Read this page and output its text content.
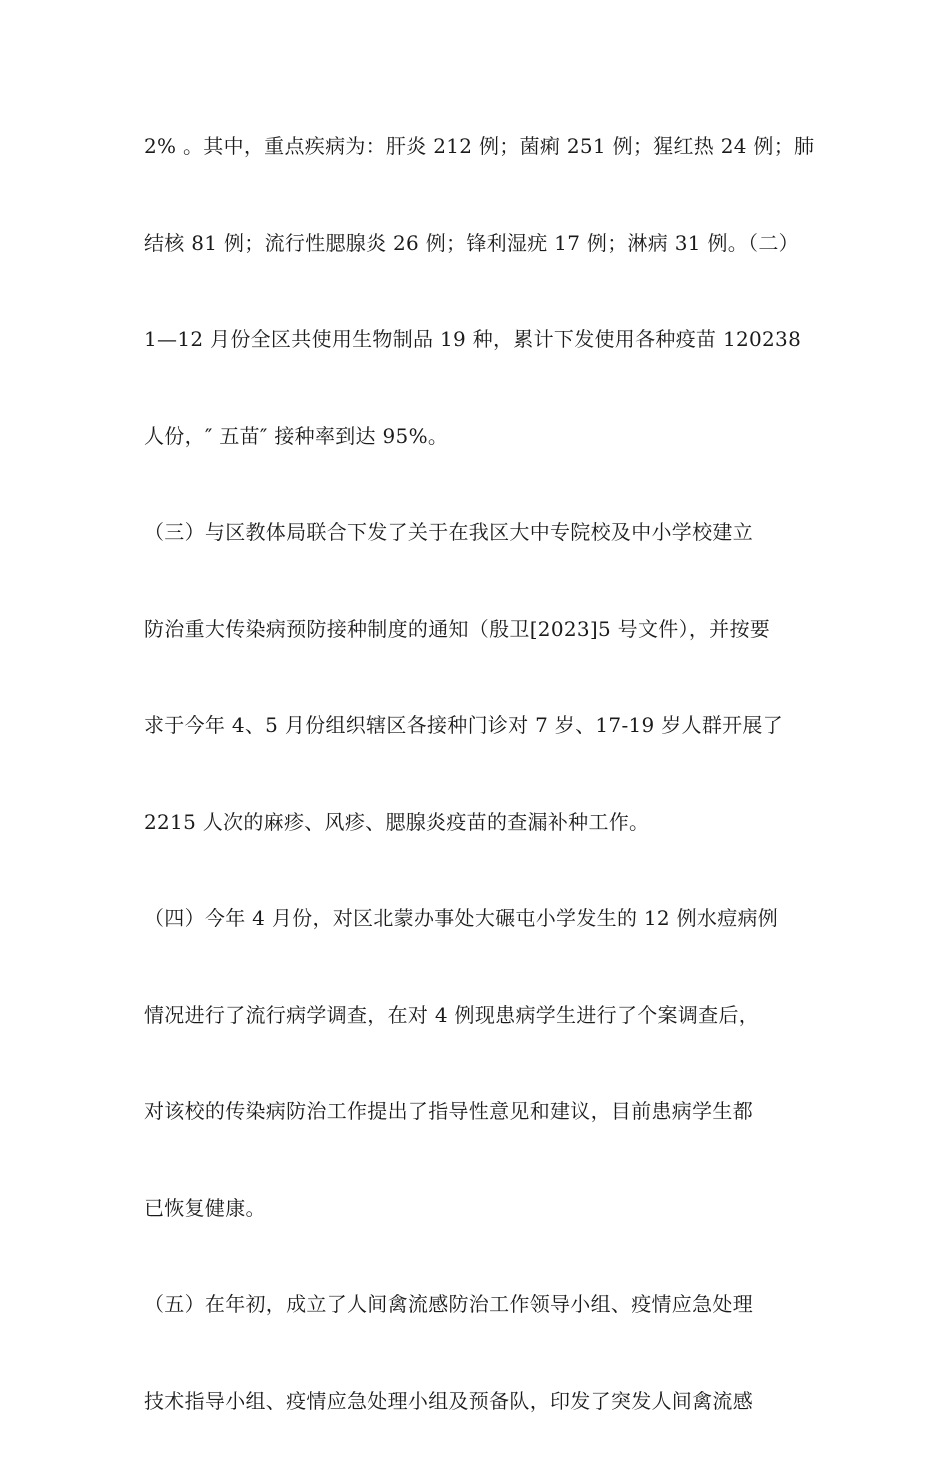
2% 。其中，重点疾病为：肝炎 212 例；菌痢 251 例；猩红热 24 例；肺
结核 81 例；流行性腮腺炎 26 例；锋利湿疣 17 例；淋病 31 例。（二）
1—12 月份全区共使用生物制品 19 种，累计下发使用各种疫苗 120238
人份，″ 五苗″ 接种率到达 95%。
（三）与区教体局联合下发了关于在我区大中专院校及中小学校建立
防治重大传染病预防接种制度的通知（殷卫[2023]5 号文件），并按要
求于今年 4、5 月份组织辖区各接种门诊对 7 岁、17-19 岁人群开展了
2215 人次的麻疹、风疹、腮腺炎疫苗的查漏补种工作。
（四）今年 4 月份，对区北蒙办事处大碾屯小学发生的 12 例水痘病例
情况进行了流行病学调查，在对 4 例现患病学生进行了个案调查后，
对该校的传染病防治工作提出了指导性意见和建议，目前患病学生都
已恢复健康。
（五）在年初，成立了人间禽流感防治工作领导小组、疫情应急处理
技术指导小组、疫情应急处理小组及预备队，印发了突发人间禽流感
